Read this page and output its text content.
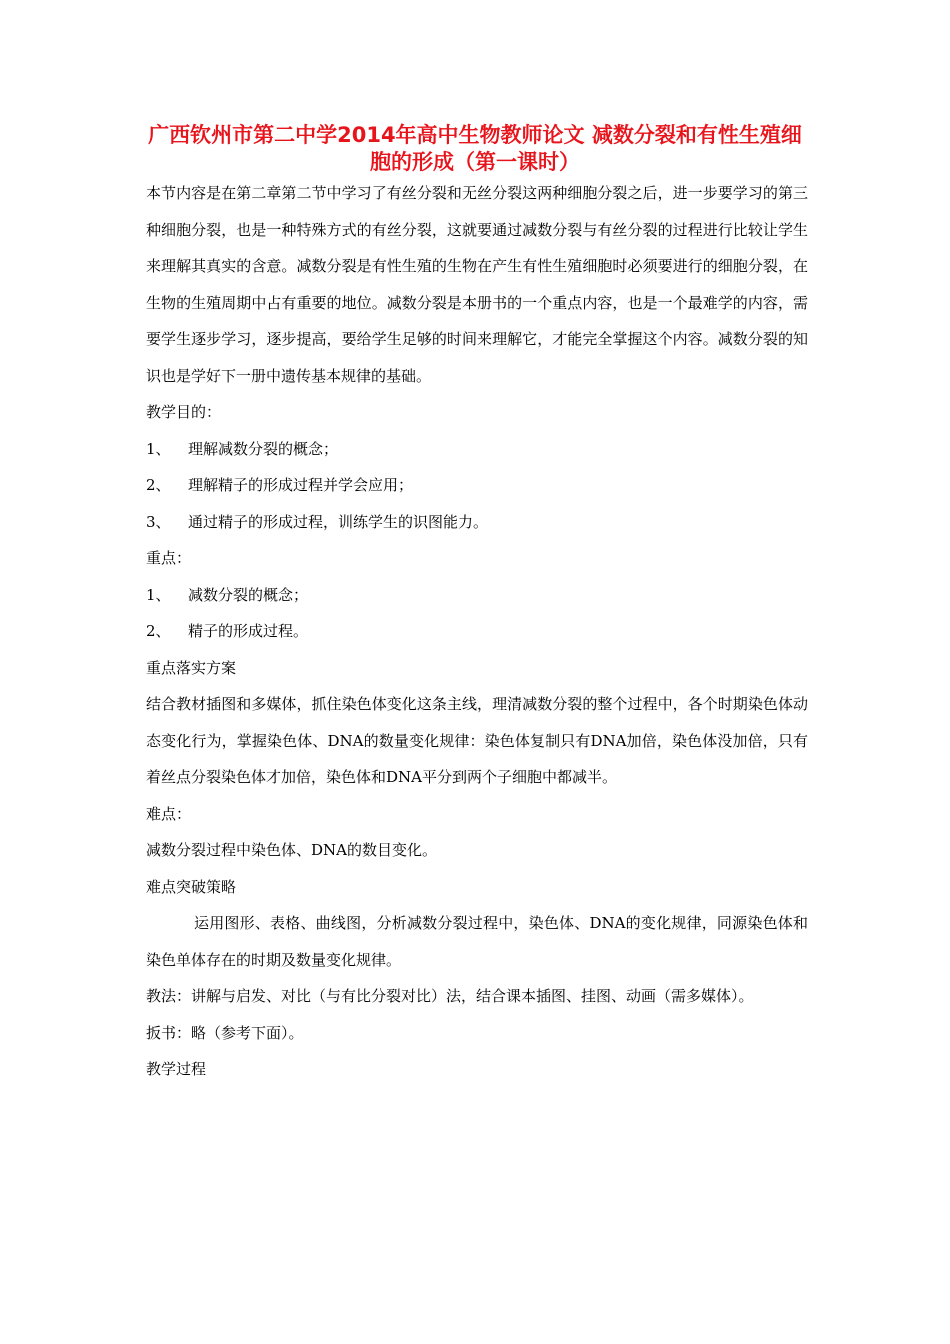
广西钦州市第二中学2014年高中生物教师论文 减数分裂和有性生殖细胞的形成（第一课时）

本节内容是在第二章第二节中学习了有丝分裂和无丝分裂这两种细胞分裂之后，进一步要学习的第三种细胞分裂，也是一种特殊方式的有丝分裂，这就要通过减数分裂与有丝分裂的过程进行比较让学生来理解其真实的含意。减数分裂是有性生殖的生物在产生有性生殖细胞时必须要进行的细胞分裂，在生物的生殖周期中占有重要的地位。减数分裂是本册书的一个重点内容，也是一个最难学的内容，需要学生逐步学习，逐步提高，要给学生足够的时间来理解它，才能完全掌握这个内容。减数分裂的知识也是学好下一册中遗传基本规律的基础。

教学目的：

1、 理解减数分裂的概念；

2、 理解精子的形成过程并学会应用；

3、 通过精子的形成过程，训练学生的识图能力。

重点：

1、 减数分裂的概念；

2、 精子的形成过程。

重点落实方案

结合教材插图和多媒体，抓住染色体变化这条主线，理清减数分裂的整个过程中，各个时期染色体动态变化行为，掌握染色体、DNA的数量变化规律：染色体复制只有DNA加倍，染色体没加倍，只有着丝点分裂染色体才加倍，染色体和DNA平分到两个子细胞中都减半。

难点：

减数分裂过程中染色体、DNA的数目变化。

难点突破策略

运用图形、表格、曲线图，分析减数分裂过程中，染色体、DNA的变化规律，同源染色体和染色单体存在的时期及数量变化规律。

教法：讲解与启发、对比（与有比分裂对比）法，结合课本插图、挂图、动画（需多媒体）。

扳书：略（参考下面）。

教学过程
